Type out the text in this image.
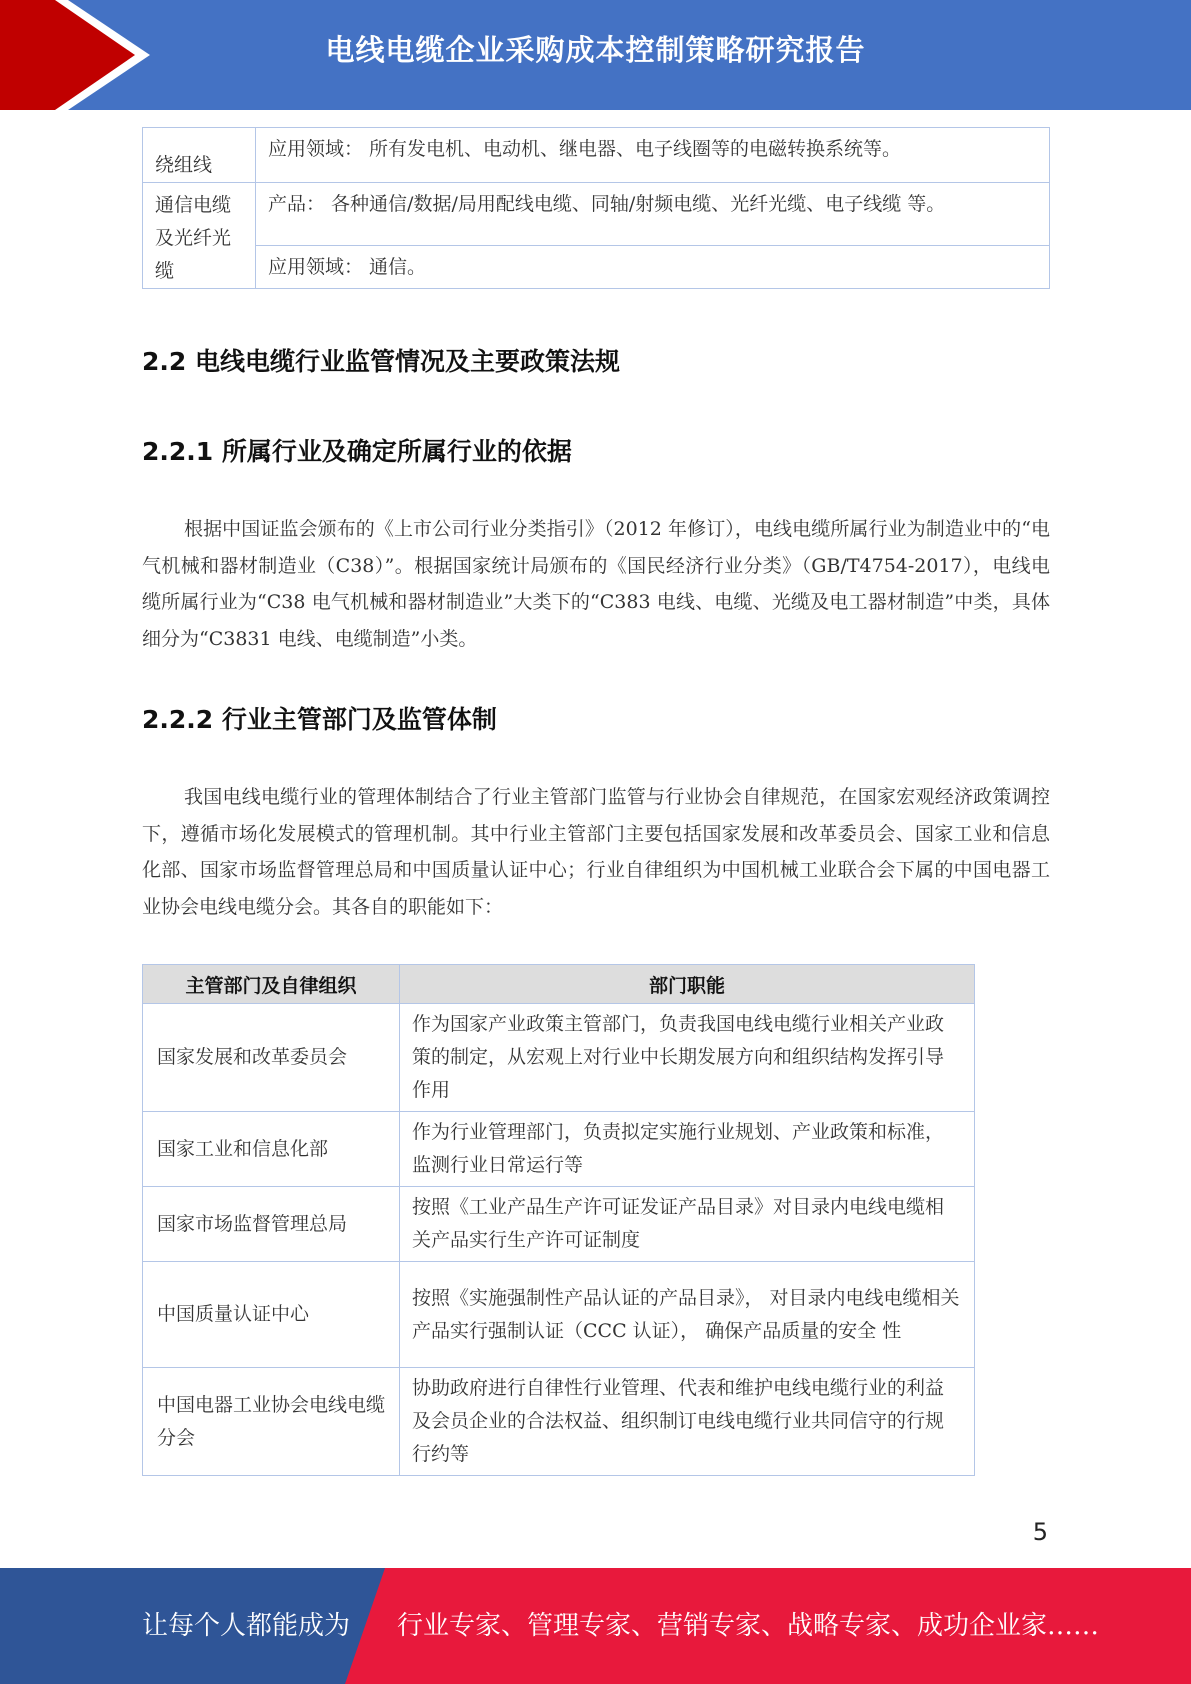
电线电缆企业采购成本控制策略研究报告
绕组线	应用领域： 所有发电机、电动机、继电器、电子线圈等的电磁转换系统等。
通信电缆及光纤光缆	产品： 各种通信/数据/局用配线电缆、同轴/射频电缆、光纤光缆、电子线缆 等。
	应用领域： 通信。
2.2 电线电缆行业监管情况及主要政策法规
2.2.1 所属行业及确定所属行业的依据

根据中国证监会颁布的《上市公司行业分类指引》（2012 年修订），电线电缆所属行业为制造业中的“电气机械和器材制造业（C38）”。根据国家统计局颁布的《国民经济行业分类》（GB/T4754-2017），电线电缆所属行业为“C38 电气机械和器材制造业”大类下的“C383 电线、电缆、光缆及电工器材制造”中类，具体细分为“C3831 电线、电缆制造”小类。

2.2.2 行业主管部门及监管体制

我国电线电缆行业的管理体制结合了行业主管部门监管与行业协会自律规范，在国家宏观经济政策调控下，遵循市场化发展模式的管理机制。其中行业主管部门主要包括国家发展和改革委员会、国家工业和信息化部、国家市场监督管理总局和中国质量认证中心；行业自律组织为中国机械工业联合会下属的中国电器工业协会电线电缆分会。其各自的职能如下：

主管部门及自律组织	部门职能
国家发展和改革委员会	作为国家产业政策主管部门，负责我国电线电缆行业相关产业政策的制定，从宏观上对行业中长期发展方向和组织结构发挥引导作用
国家工业和信息化部	作为行业管理部门，负责拟定实施行业规划、产业政策和标准，监测行业日常运行等
国家市场监督管理总局	按照《工业产品生产许可证发证产品目录》对目录内电线电缆相关产品实行生产许可证制度
中国质量认证中心	按照《实施强制性产品认证的产品目录》， 对目录内电线电缆相关产品实行强制认证（CCC 认证）， 确保产品质量的安全 性
中国电器工业协会电线电缆分会	协助政府进行自律性行业管理、代表和维护电线电缆行业的利益及会员企业的合法权益、组织制订电线电缆行业共同信守的行规行约等
5
让每个人都能成为 行业专家、管理专家、营销专家、战略专家、成功企业家……
